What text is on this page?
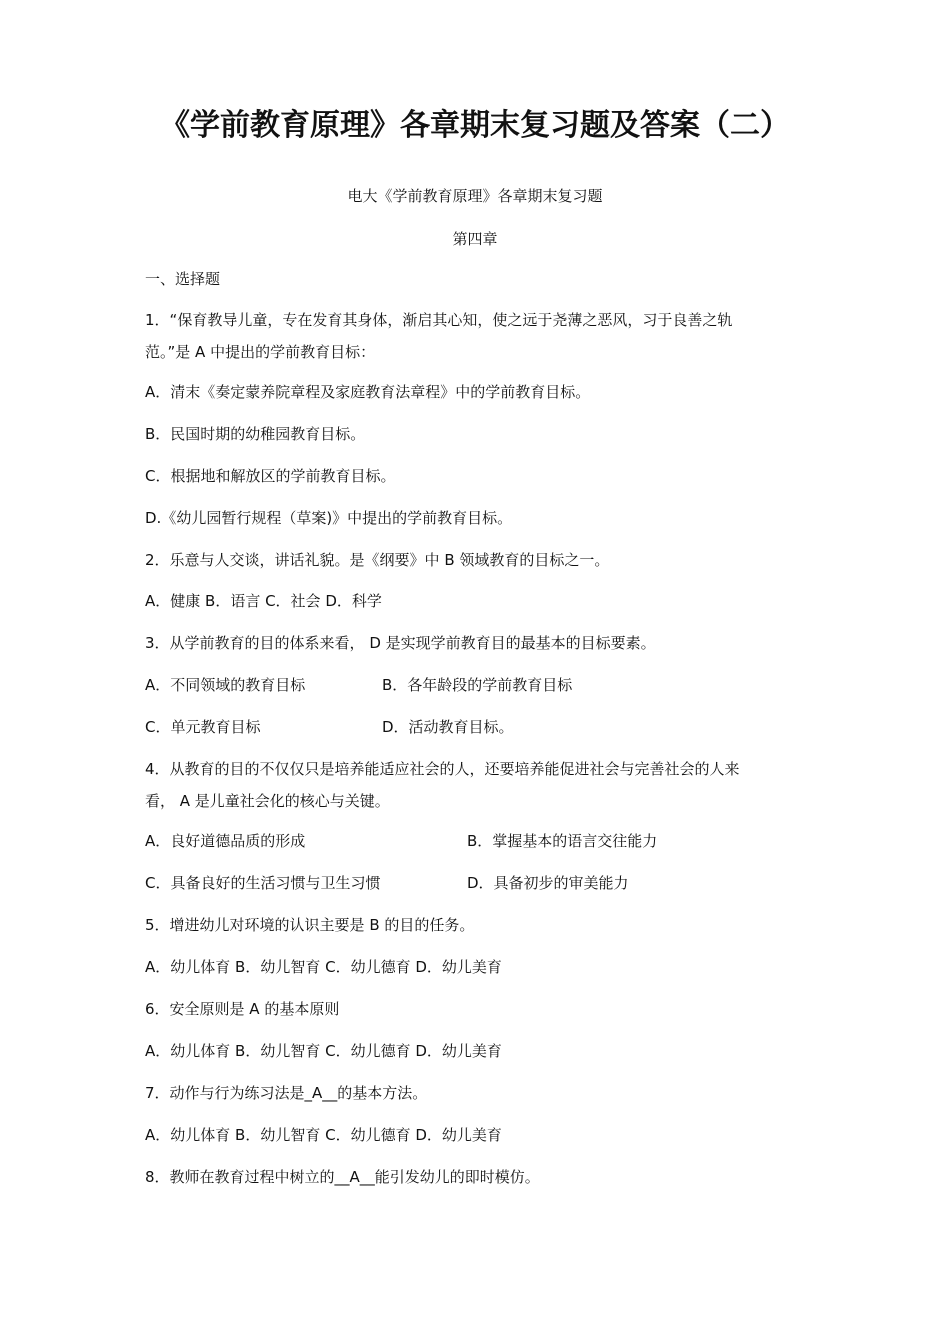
《学前教育原理》各章期末复习题及答案（二）
电大《学前教育原理》各章期末复习题
第四章
一、选择题
1．“保育教导儿童，专在发育其身体，渐启其心知，使之远于尧薄之恶风，习于良善之轨
范。”是 A 中提出的学前教育目标：
A．清末《奏定蒙养院章程及家庭教育法章程》中的学前教育目标。
B．民国时期的幼稚园教育目标。
C．根据地和解放区的学前教育目标。
D.《幼儿园暂行规程（草案)》中提出的学前教育目标。
2．乐意与人交谈，讲话礼貌。是《纲要》中 B 领域教育的目标之一。
A．健康 B．语言 C．社会 D．科学
3．从学前教育的目的体系来看， D 是实现学前教育目的最基本的目标要素。
A．不同领域的教育目标	B．各年龄段的学前教育目标
C．单元教育目标	D．活动教育目标。
4．从教育的目的不仅仅只是培养能适应社会的人，还要培养能促进社会与完善社会的人来
看， A 是儿童社会化的核心与关键。
A．良好道德品质的形成	B．掌握基本的语言交往能力
C．具备良好的生活习惯与卫生习惯	D．具备初步的审美能力
5．增进幼儿对环境的认识主要是 B 的目的任务。
A．幼儿体育 B．幼儿智育 C．幼儿德育 D．幼儿美育
6．安全原则是 A 的基本原则
A．幼儿体育 B．幼儿智育 C．幼儿德育 D．幼儿美育
7．动作与行为练习法是_A__的基本方法。
A．幼儿体育 B．幼儿智育 C．幼儿德育 D．幼儿美育
8．教师在教育过程中树立的__A__能引发幼儿的即时模仿。
